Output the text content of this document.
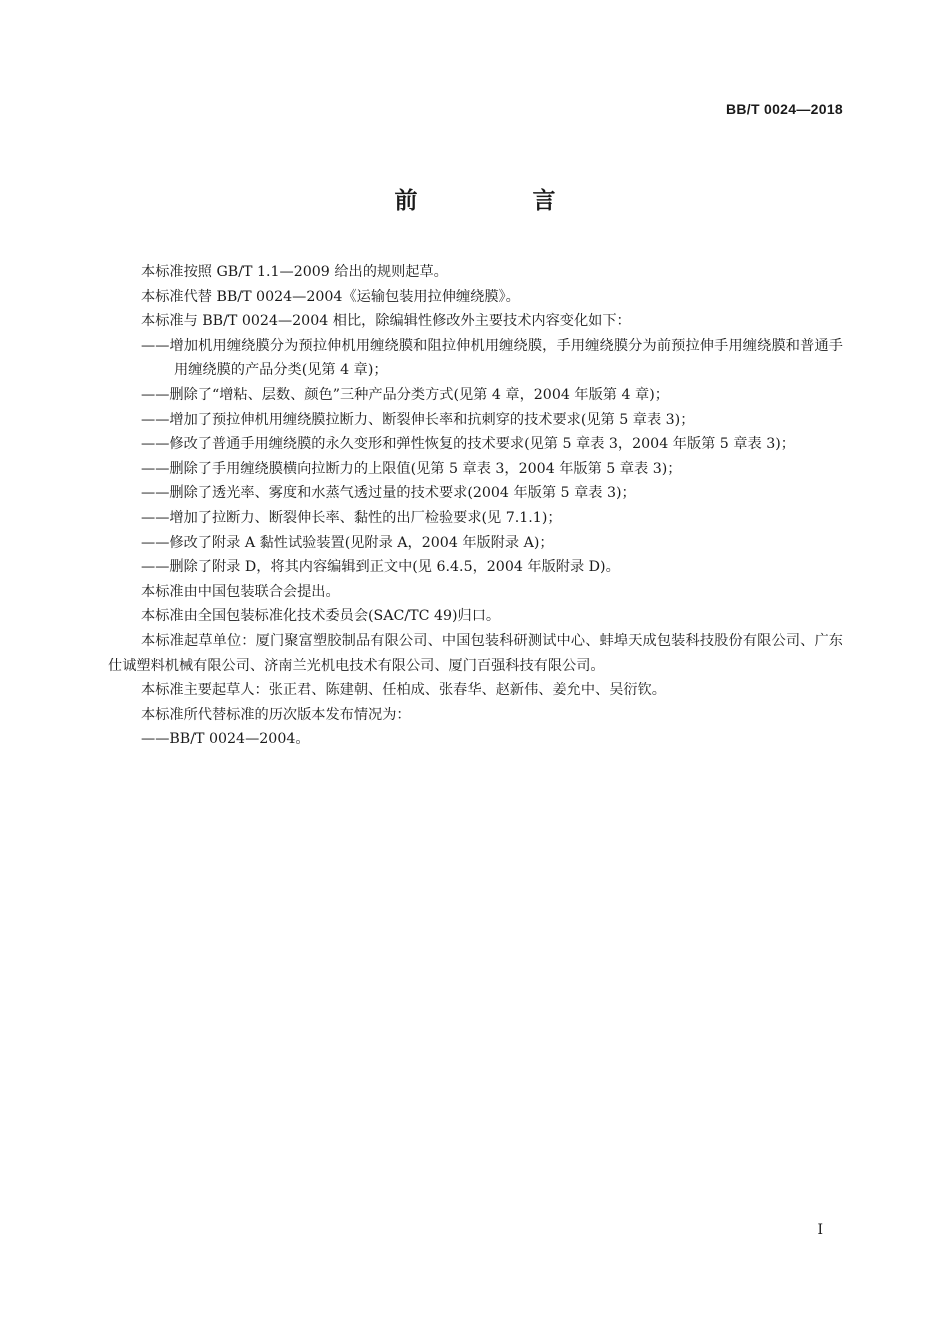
BB/T 0024—2018
前　言

本标准按照 GB/T 1.1—2009 给出的规则起草。

本标准代替 BB/T 0024—2004《运输包装用拉伸缠绕膜》。

本标准与 BB/T 0024—2004 相比，除编辑性修改外主要技术内容变化如下：

——增加机用缠绕膜分为预拉伸机用缠绕膜和阻拉伸机用缠绕膜，手用缠绕膜分为前预拉伸手用缠绕膜和普通手用缠绕膜的产品分类(见第 4 章)；

——删除了“增粘、层数、颜色”三种产品分类方式(见第 4 章，2004 年版第 4 章)；

——增加了预拉伸机用缠绕膜拉断力、断裂伸长率和抗刺穿的技术要求(见第 5 章表 3)；

——修改了普通手用缠绕膜的永久变形和弹性恢复的技术要求(见第 5 章表 3，2004 年版第 5 章表 3)；

——删除了手用缠绕膜横向拉断力的上限值(见第 5 章表 3，2004 年版第 5 章表 3)；

——删除了透光率、雾度和水蒸气透过量的技术要求(2004 年版第 5 章表 3)；

——增加了拉断力、断裂伸长率、黏性的出厂检验要求(见 7.1.1)；

——修改了附录 A 黏性试验装置(见附录 A，2004 年版附录 A)；

——删除了附录 D，将其内容编辑到正文中(见 6.4.5，2004 年版附录 D)。

本标准由中国包装联合会提出。

本标准由全国包装标准化技术委员会(SAC/TC 49)归口。

本标准起草单位：厦门聚富塑胶制品有限公司、中国包装科研测试中心、蚌埠天成包装科技股份有限公司、广东仕诚塑料机械有限公司、济南兰光机电技术有限公司、厦门百强科技有限公司。

本标准主要起草人：张正君、陈建朝、任柏成、张春华、赵新伟、姜允中、吴衍钦。

本标准所代替标准的历次版本发布情况为：

——BB/T 0024—2004。

I
